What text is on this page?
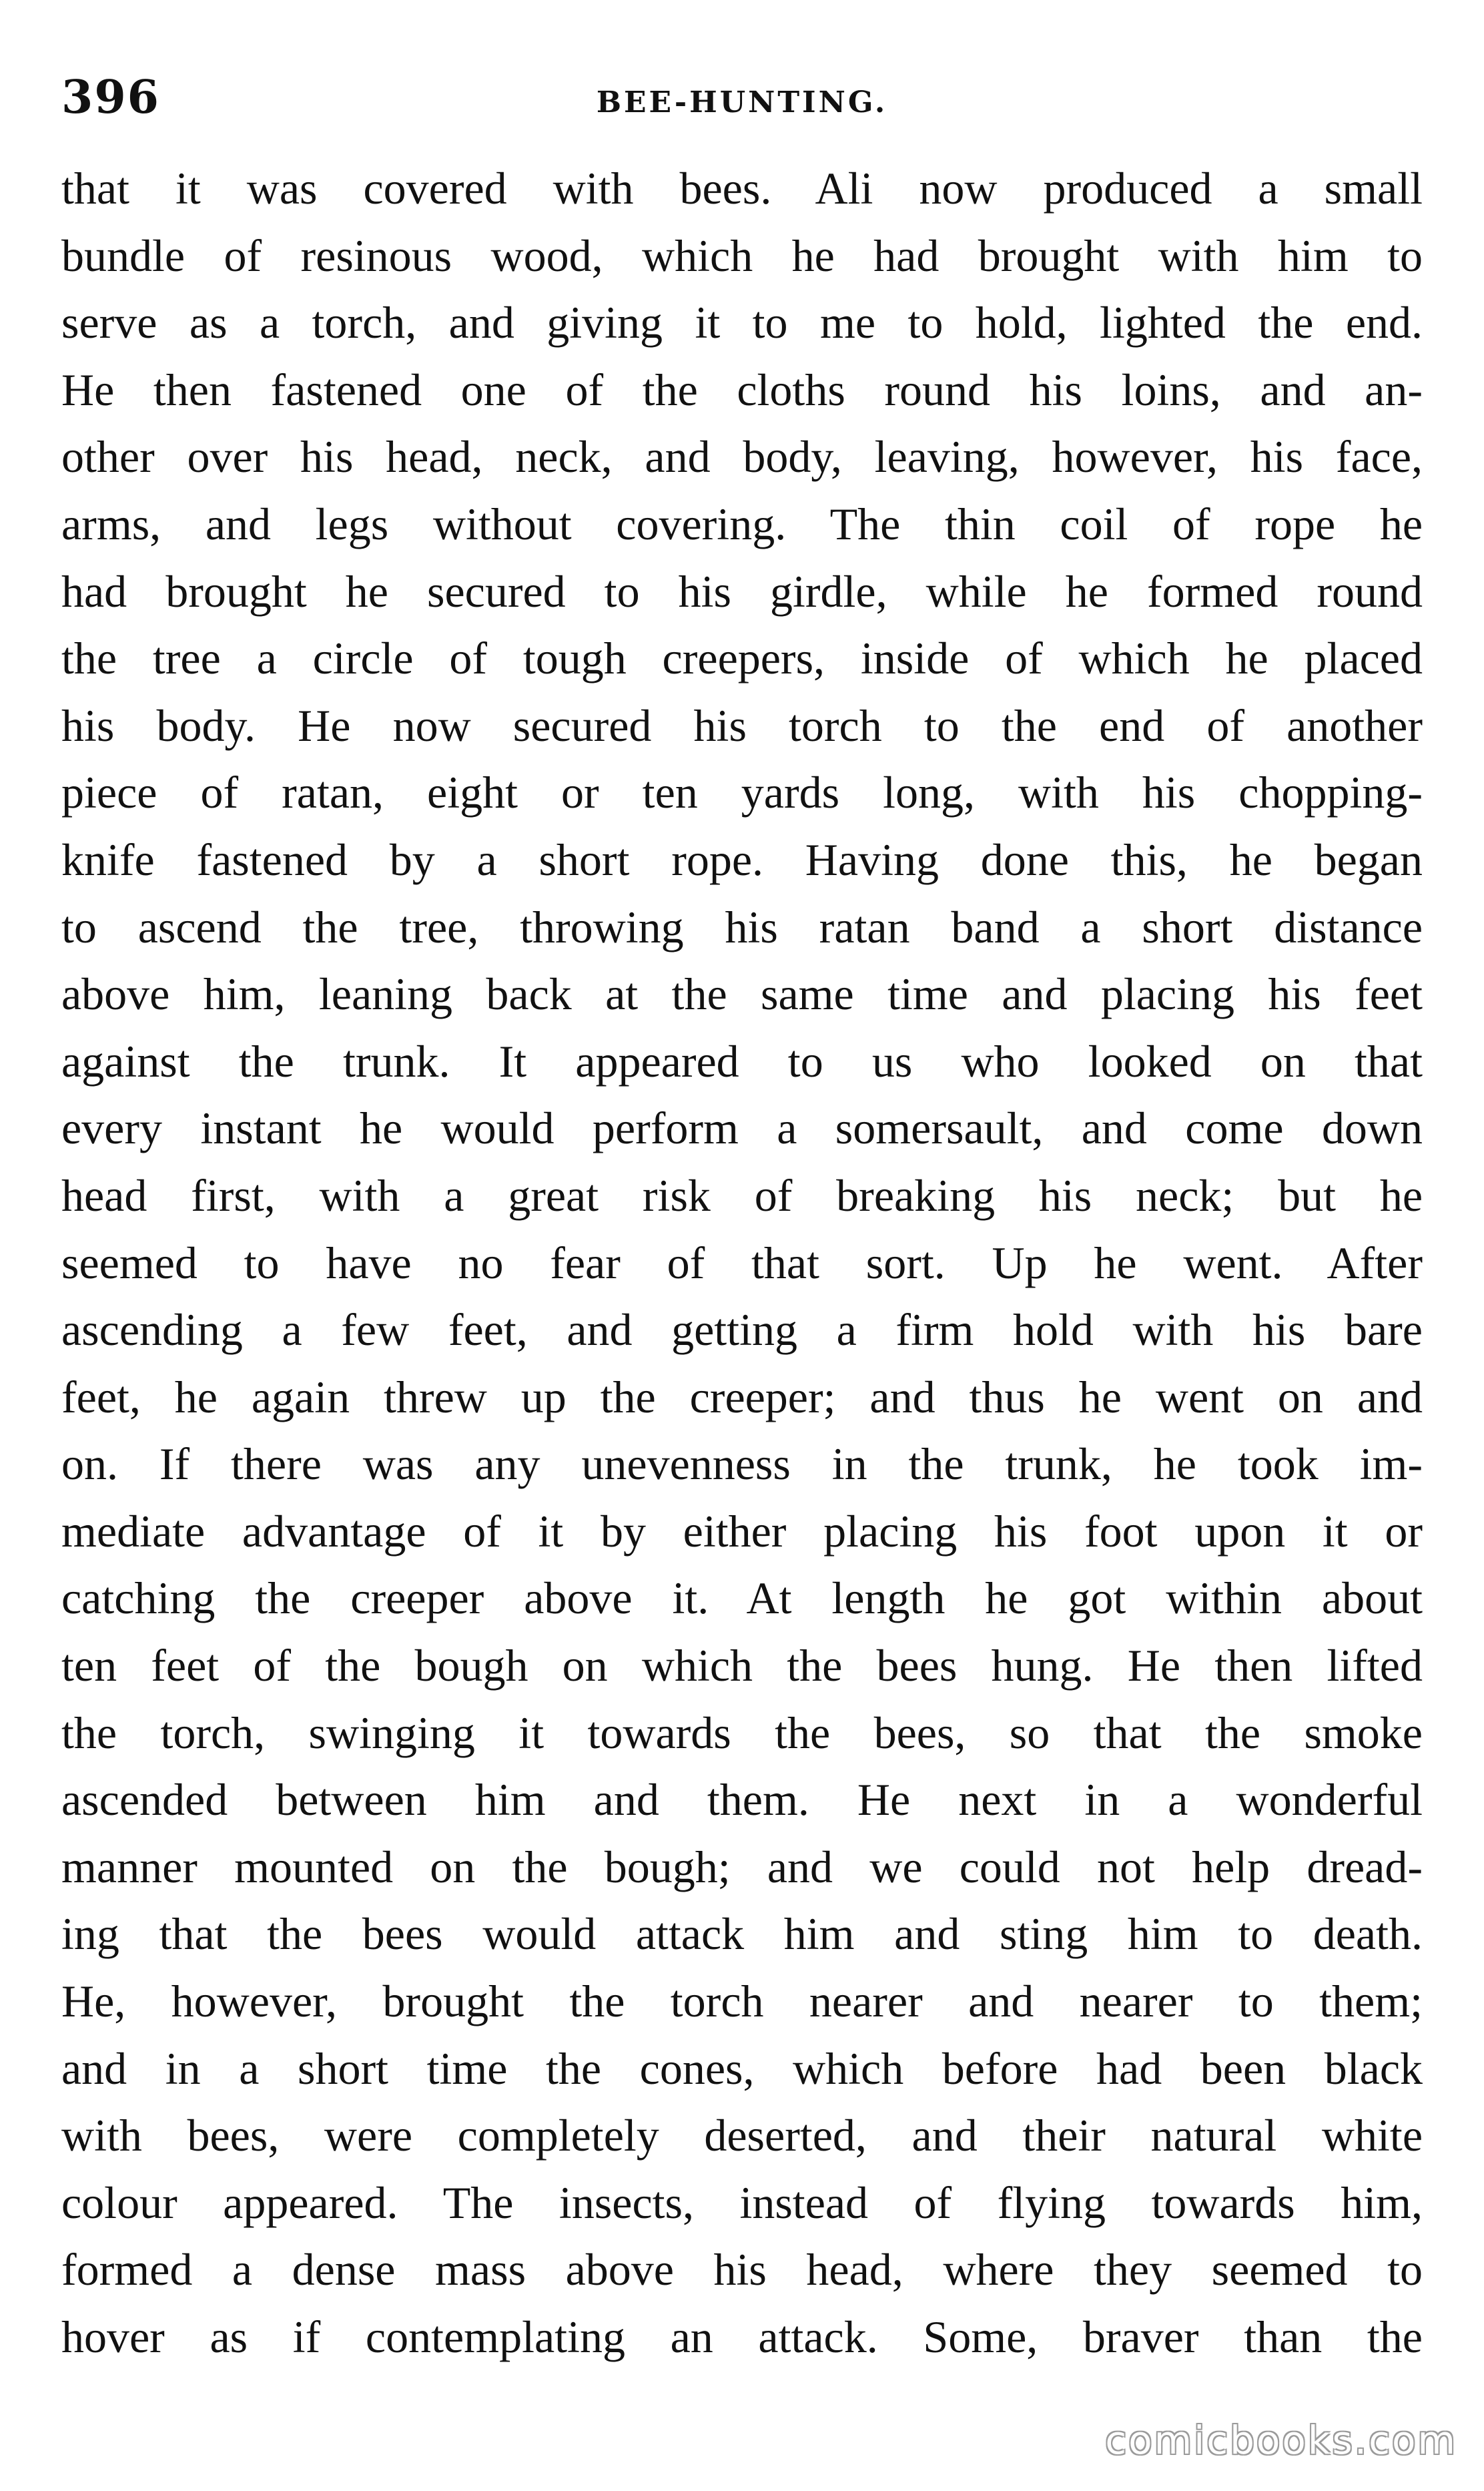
396	BEE-HUNTING.
that it was covered with bees. Ali now produced a small
bundle of resinous wood, which he had brought with him to
serve as a torch, and giving it to me to hold, lighted the end.
He then fastened one of the cloths round his loins, and an-
other over his head, neck, and body, leaving, however, his face,
arms, and legs without covering. The thin coil of rope he
had brought he secured to his girdle, while he formed round
the tree a circle of tough creepers, inside of which he placed
his body. He now secured his torch to the end of another
piece of ratan, eight or ten yards long, with his chopping-
knife fastened by a short rope. Having done this, he began
to ascend the tree, throwing his ratan band a short distance
above him, leaning back at the same time and placing his feet
against the trunk. It appeared to us who looked on that
every instant he would perform a somersault, and come down
head first, with a great risk of breaking his neck; but he
seemed to have no fear of that sort. Up he went. After
ascending a few feet, and getting a firm hold with his bare
feet, he again threw up the creeper; and thus he went on and
on. If there was any unevenness in the trunk, he took im-
mediate advantage of it by either placing his foot upon it or
catching the creeper above it. At length he got within about
ten feet of the bough on which the bees hung. He then lifted
the torch, swinging it towards the bees, so that the smoke
ascended between him and them. He next in a wonderful
manner mounted on the bough; and we could not help dread-
ing that the bees would attack him and sting him to death.
He, however, brought the torch nearer and nearer to them;
and in a short time the cones, which before had been black
with bees, were completely deserted, and their natural white
colour appeared. The insects, instead of flying towards him,
formed a dense mass above his head, where they seemed to
hover as if contemplating an attack. Some, braver than the
comicbooks.com
